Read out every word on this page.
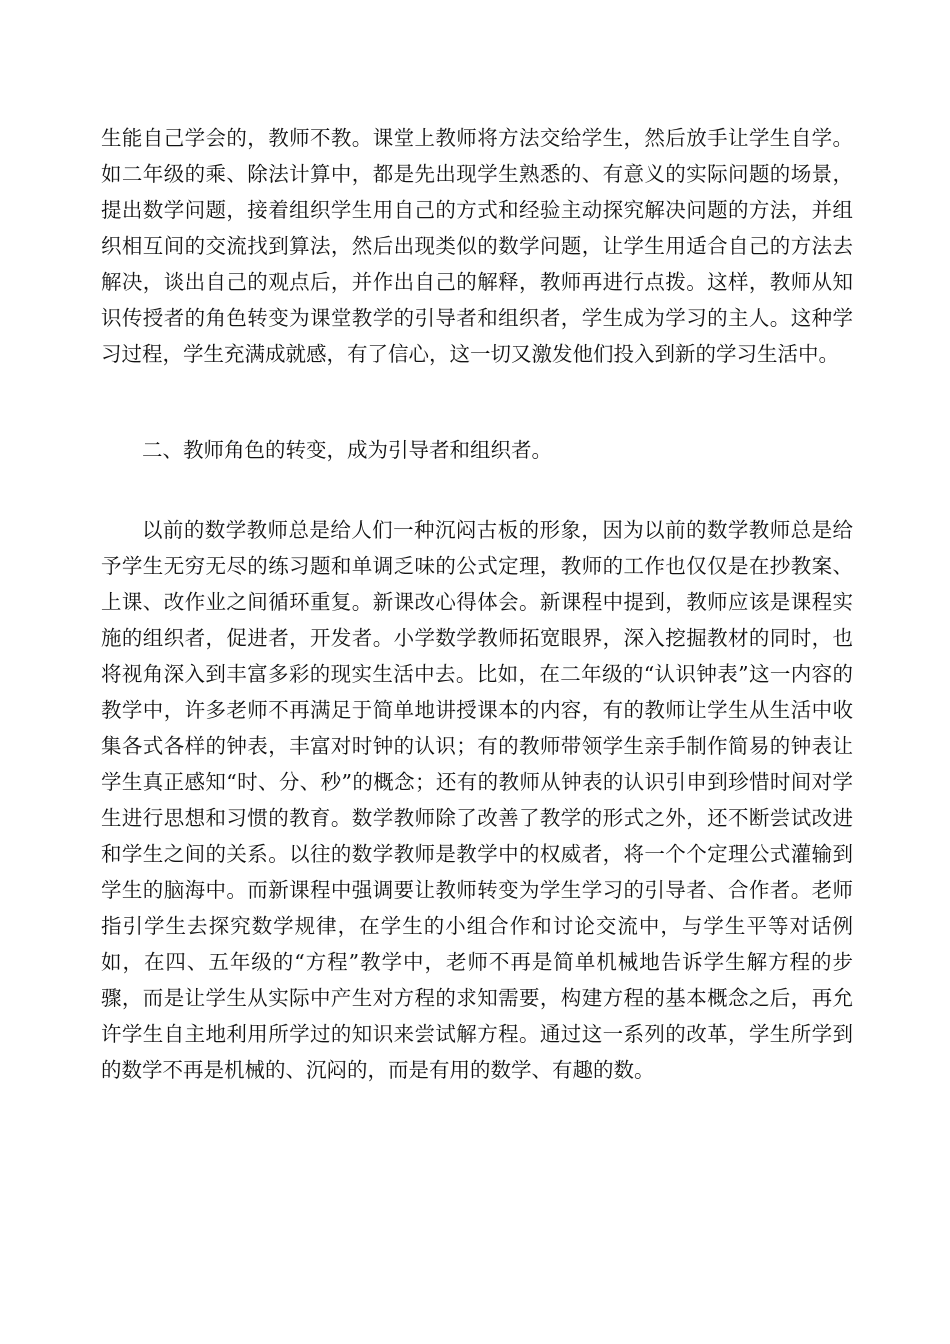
生能自己学会的，教师不教。课堂上教师将方法交给学生，然后放手让学生自学。如二年级的乘、除法计算中，都是先出现学生熟悉的、有意义的实际问题的场景，提出数学问题，接着组织学生用自己的方式和经验主动探究解决问题的方法，并组织相互间的交流找到算法，然后出现类似的数学问题，让学生用适合自己的方法去解决，谈出自己的观点后，并作出自己的解释，教师再进行点拨。这样，教师从知识传授者的角色转变为课堂教学的引导者和组织者，学生成为学习的主人。这种学习过程，学生充满成就感，有了信心，这一切又激发他们投入到新的学习生活中。

二、教师角色的转变，成为引导者和组织者。

以前的数学教师总是给人们一种沉闷古板的形象，因为以前的数学教师总是给予学生无穷无尽的练习题和单调乏味的公式定理，教师的工作也仅仅是在抄教案、上课、改作业之间循环重复。新课改心得体会。新课程中提到，教师应该是课程实施的组织者，促进者，开发者。小学数学教师拓宽眼界，深入挖掘教材的同时，也将视角深入到丰富多彩的现实生活中去。比如，在二年级的“认识钟表”这一内容的教学中，许多老师不再满足于简单地讲授课本的内容，有的教师让学生从生活中收集各式各样的钟表，丰富对时钟的认识；有的教师带领学生亲手制作简易的钟表让学生真正感知“时、分、秒”的概念；还有的教师从钟表的认识引申到珍惜时间对学生进行思想和习惯的教育。数学教师除了改善了教学的形式之外，还不断尝试改进和学生之间的关系。以往的数学教师是教学中的权威者，将一个个定理公式灌输到学生的脑海中。而新课程中强调要让教师转变为学生学习的引导者、合作者。老师指引学生去探究数学规律，在学生的小组合作和讨论交流中，与学生平等对话例如，在四、五年级的“方程”教学中，老师不再是简单机械地告诉学生解方程的步骤，而是让学生从实际中产生对方程的求知需要，构建方程的基本概念之后，再允许学生自主地利用所学过的知识来尝试解方程。通过这一系列的改革，学生所学到的数学不再是机械的、沉闷的，而是有用的数学、有趣的数。
